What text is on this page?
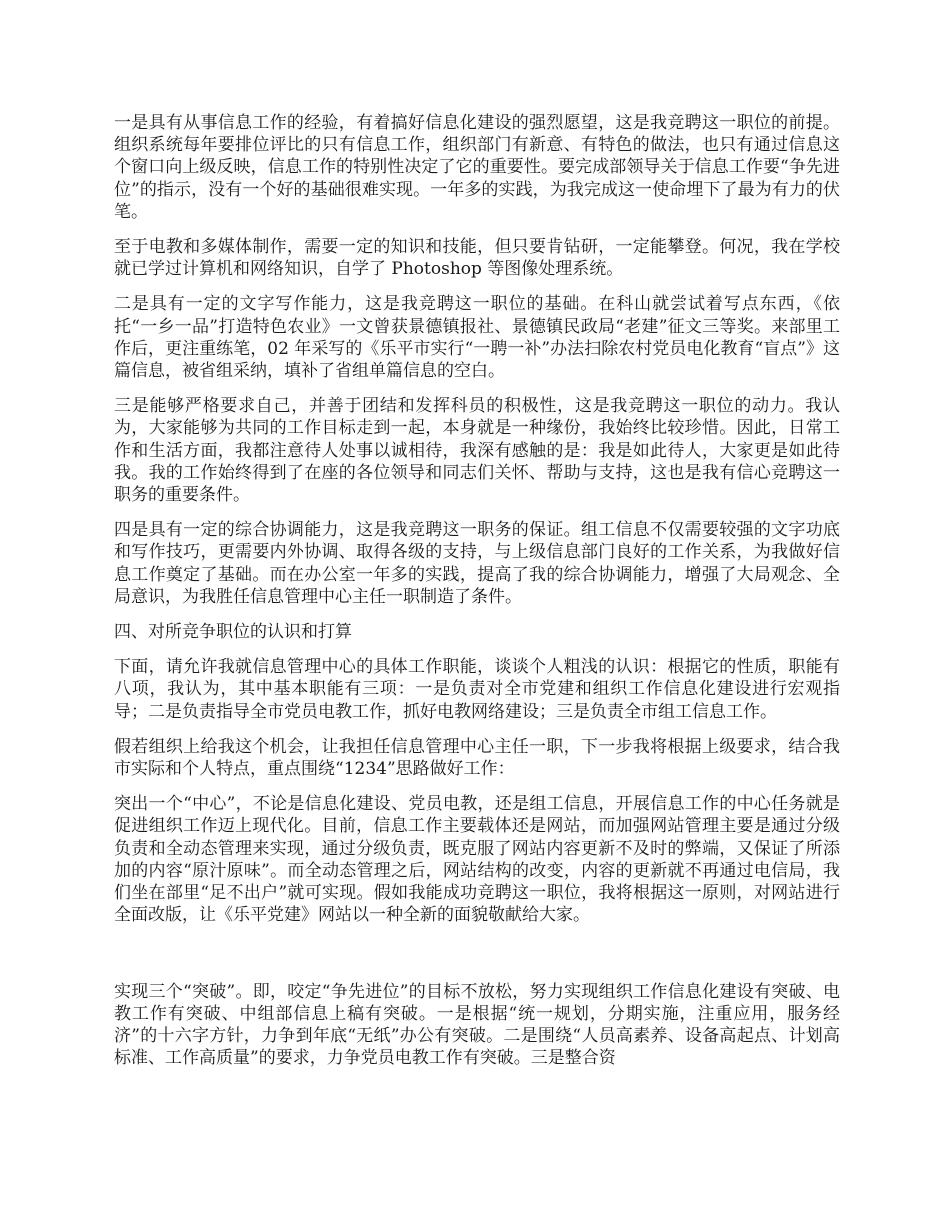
一是具有从事信息工作的经验，有着搞好信息化建设的强烈愿望，这是我竞聘这一职位的前提。组织系统每年要排位评比的只有信息工作，组织部门有新意、有特色的做法，也只有通过信息这个窗口向上级反映，信息工作的特别性决定了它的重要性。要完成部领导关于信息工作要“争先进位”的指示，没有一个好的基础很难实现。一年多的实践，为我完成这一使命埋下了最为有力的伏笔。

至于电教和多媒体制作，需要一定的知识和技能，但只要肯钻研，一定能攀登。何况，我在学校就已学过计算机和网络知识，自学了 Photoshop 等图像处理系统。

二是具有一定的文字写作能力，这是我竞聘这一职位的基础。在科山就尝试着写点东西，《依托“一乡一品”打造特色农业》一文曾获景德镇报社、景德镇民政局“老建”征文三等奖。来部里工作后，更注重练笔，02 年采写的《乐平市实行“一聘一补”办法扫除农村党员电化教育“盲点”》这篇信息，被省组采纳，填补了省组单篇信息的空白。

三是能够严格要求自己，并善于团结和发挥科员的积极性，这是我竞聘这一职位的动力。我认为，大家能够为共同的工作目标走到一起，本身就是一种缘份，我始终比较珍惜。因此，日常工作和生活方面，我都注意待人处事以诚相待，我深有感触的是：我是如此待人，大家更是如此待我。我的工作始终得到了在座的各位领导和同志们关怀、帮助与支持，这也是我有信心竞聘这一职务的重要条件。

四是具有一定的综合协调能力，这是我竞聘这一职务的保证。组工信息不仅需要较强的文字功底和写作技巧，更需要内外协调、取得各级的支持，与上级信息部门良好的工作关系，为我做好信息工作奠定了基础。而在办公室一年多的实践，提高了我的综合协调能力，增强了大局观念、全局意识，为我胜任信息管理中心主任一职制造了条件。

四、对所竞争职位的认识和打算

下面，请允许我就信息管理中心的具体工作职能，谈谈个人粗浅的认识：根据它的性质，职能有八项，我认为，其中基本职能有三项：一是负责对全市党建和组织工作信息化建设进行宏观指导；二是负责指导全市党员电教工作，抓好电教网络建设；三是负责全市组工信息工作。

假若组织上给我这个机会，让我担任信息管理中心主任一职，下一步我将根据上级要求，结合我市实际和个人特点，重点围绕“1234”思路做好工作：

突出一个“中心”，不论是信息化建设、党员电教，还是组工信息，开展信息工作的中心任务就是促进组织工作迈上现代化。目前，信息工作主要载体还是网站，而加强网站管理主要是通过分级负责和全动态管理来实现，通过分级负责，既克服了网站内容更新不及时的弊端，又保证了所添加的内容“原汁原味”。而全动态管理之后，网站结构的改变，内容的更新就不再通过电信局，我们坐在部里“足不出户”就可实现。假如我能成功竞聘这一职位，我将根据这一原则，对网站进行全面改版，让《乐平党建》网站以一种全新的面貌敬献给大家。

实现三个“突破”。即，咬定“争先进位”的目标不放松，努力实现组织工作信息化建设有突破、电教工作有突破、中组部信息上稿有突破。一是根据“统一规划，分期实施，注重应用，服务经济”的十六字方针，力争到年底“无纸”办公有突破。二是围绕“人员高素养、设备高起点、计划高标准、工作高质量”的要求，力争党员电教工作有突破。三是整合资
